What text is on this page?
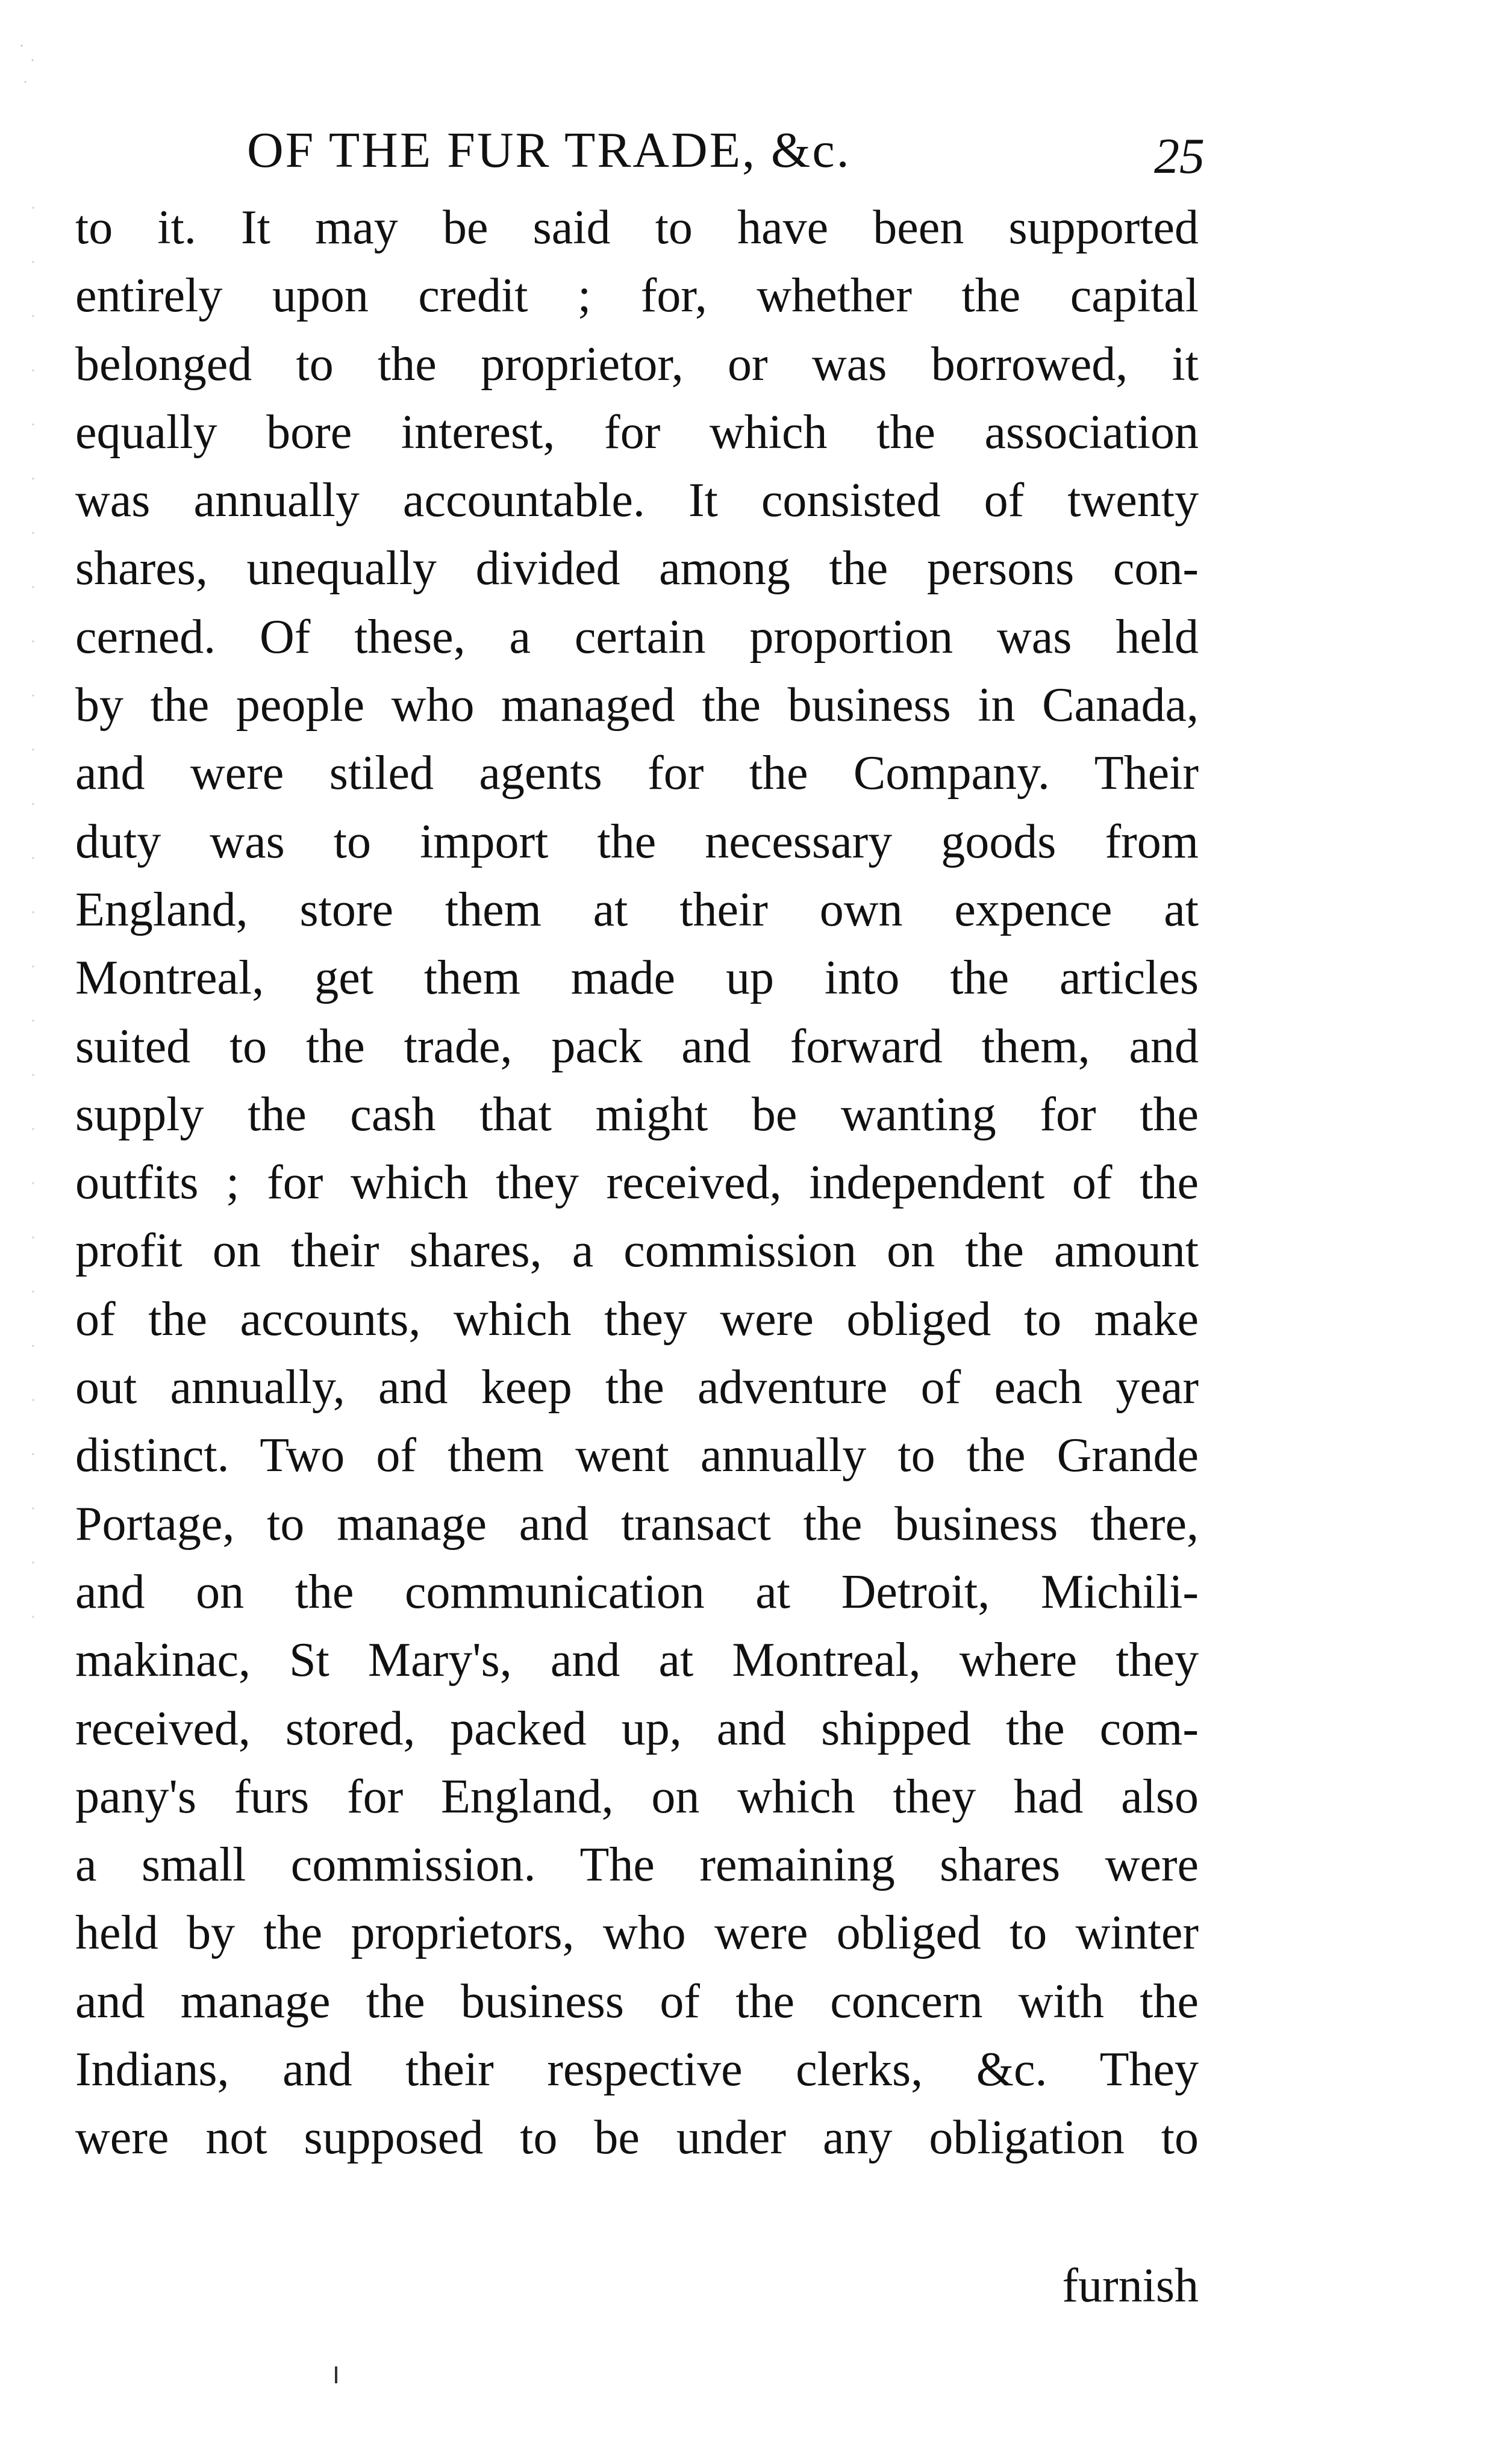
OF THE FUR TRADE, &c.	25
to it. It may be said to have been supported
entirely upon credit ; for, whether the capital
belonged to the proprietor, or was borrowed, it
equally bore interest, for which the association
was annually accountable. It consisted of twenty
shares, unequally divided among the persons con-
cerned. Of these, a certain proportion was held
by the people who managed the business in Canada,
and were stiled agents for the Company. Their
duty was to import the necessary goods from
England, store them at their own expence at
Montreal, get them made up into the articles
suited to the trade, pack and forward them, and
supply the cash that might be wanting for the
outfits ; for which they received, independent of the
profit on their shares, a commission on the amount
of the accounts, which they were obliged to make
out annually, and keep the adventure of each year
distinct. Two of them went annually to the Grande
Portage, to manage and transact the business there,
and on the communication at Detroit, Michili-
makinac, St Mary's, and at Montreal, where they
received, stored, packed up, and shipped the com-
pany's furs for England, on which they had also
a small commission. The remaining shares were
held by the proprietors, who were obliged to winter
and manage the business of the concern with the
Indians, and their respective clerks, &c. They
were not supposed to be under any obligation to
furnish
